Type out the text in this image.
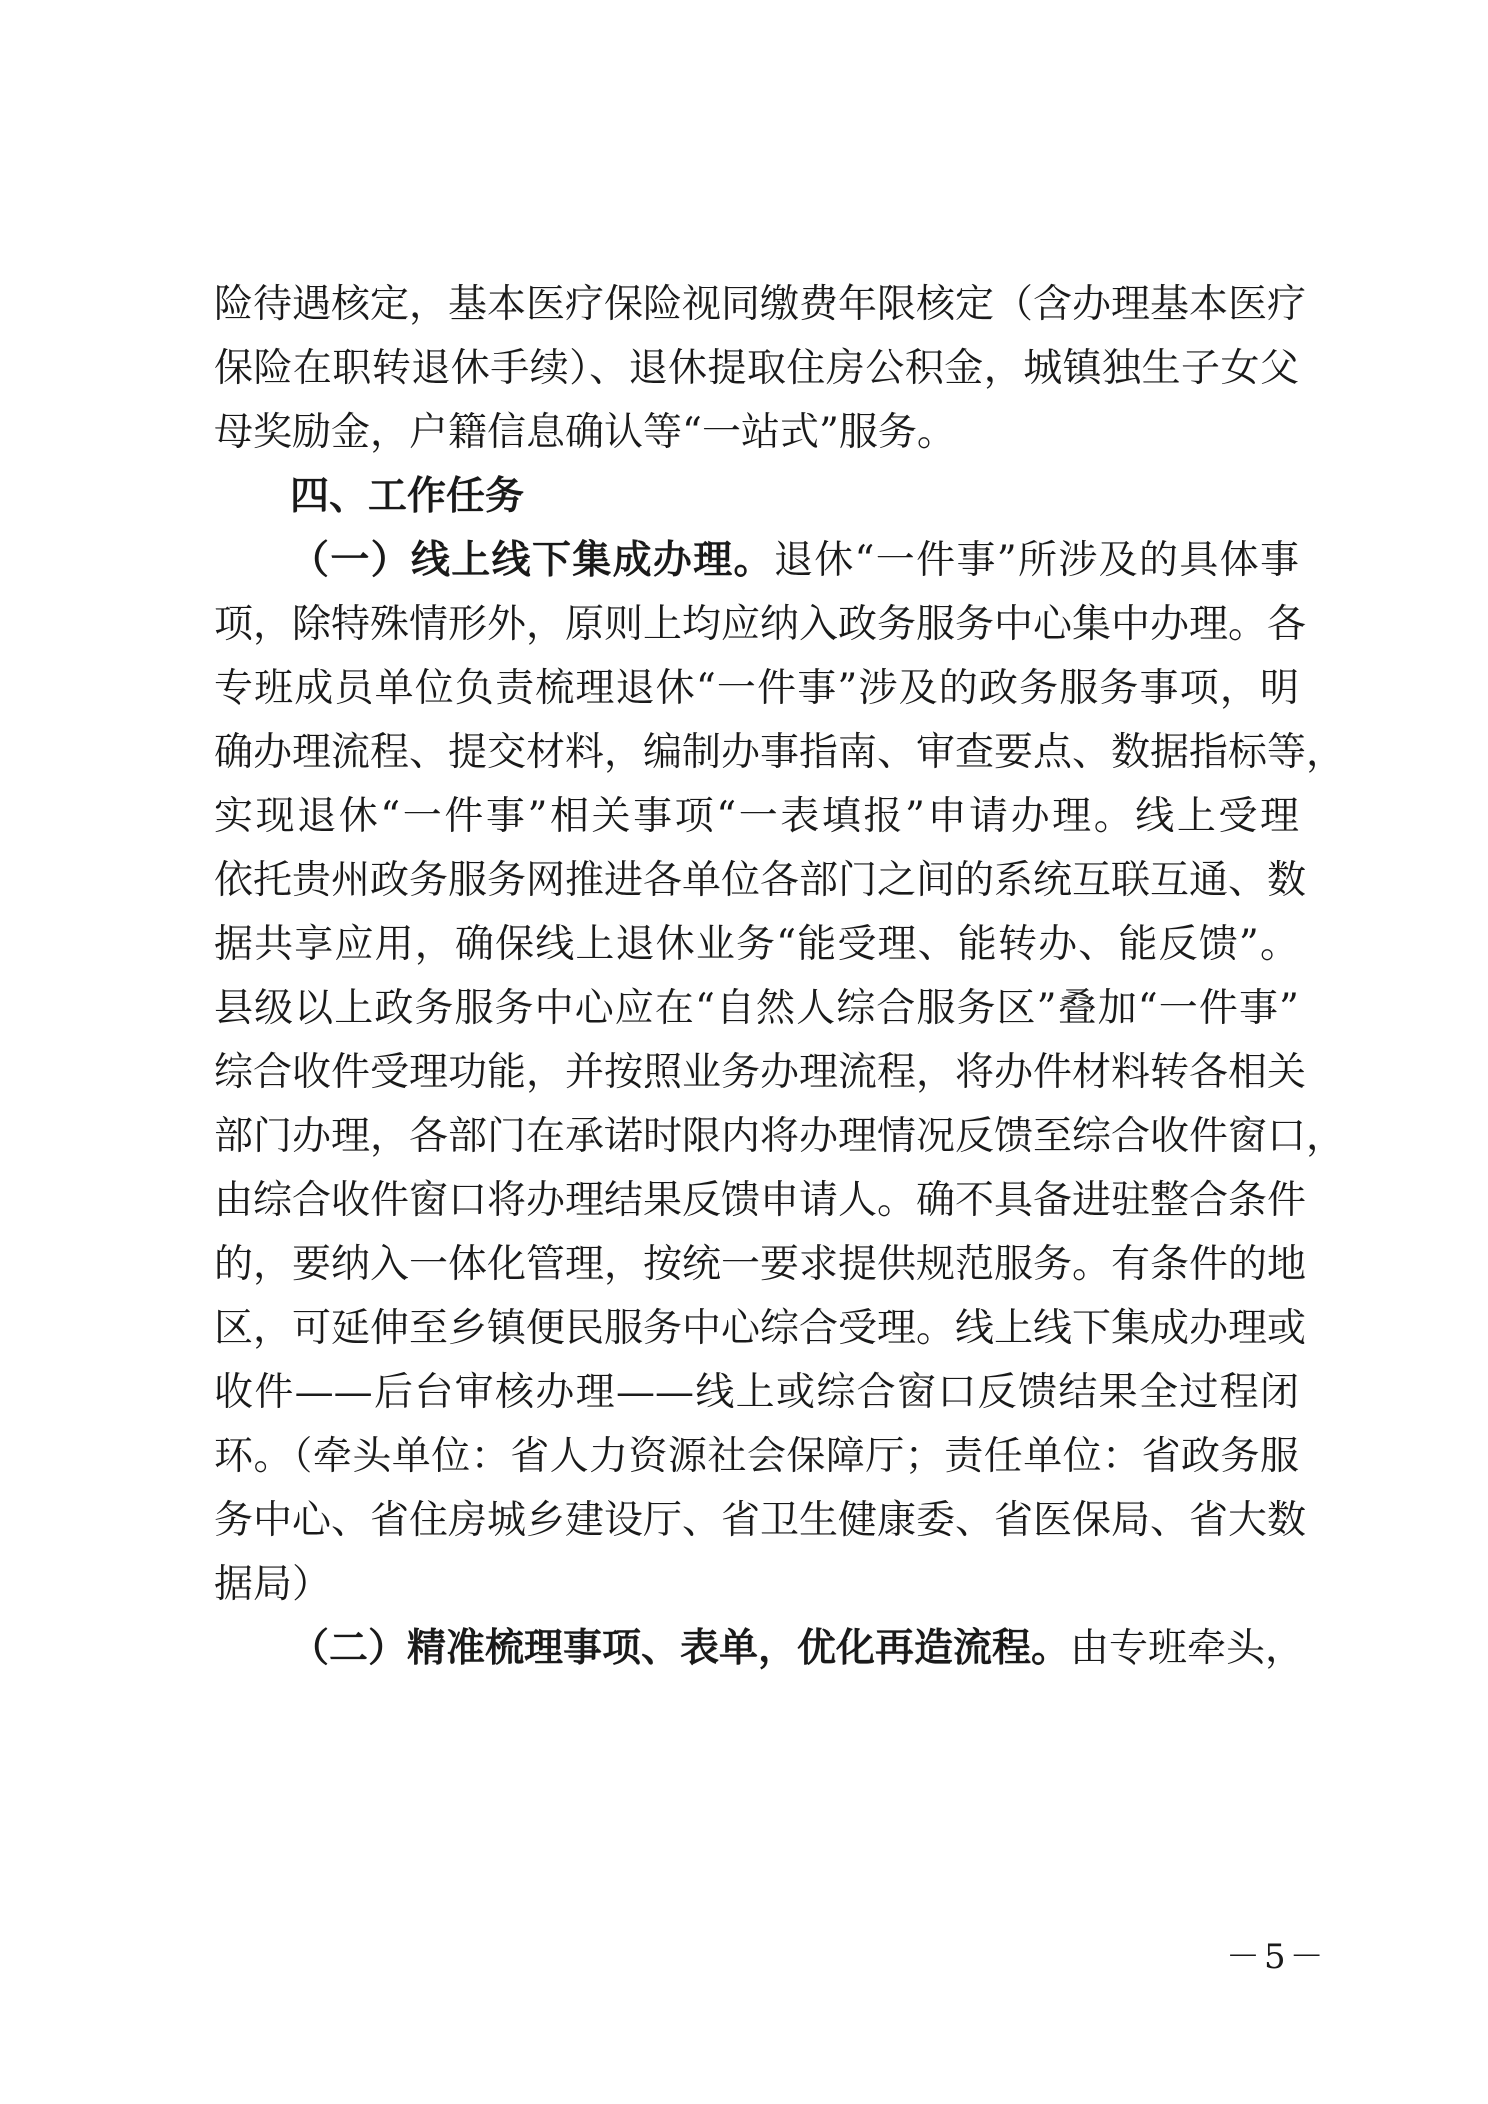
险待遇核定，基本医疗保险视同缴费年限核定（含办理基本医疗
保险在职转退休手续）、退休提取住房公积金，城镇独生子女父
母奖励金，户籍信息确认等“一站式”服务。
四、工作任务
（一）线上线下集成办理。退休“一件事”所涉及的具体事
项，除特殊情形外，原则上均应纳入政务服务中心集中办理。各
专班成员单位负责梳理退休“一件事”涉及的政务服务事项，明
确办理流程、提交材料，编制办事指南、审查要点、数据指标等，
实现退休“一件事”相关事项“一表填报”申请办理。线上受理
依托贵州政务服务网推进各单位各部门之间的系统互联互通、数
据共享应用，确保线上退休业务“能受理、能转办、能反馈”。
县级以上政务服务中心应在“自然人综合服务区”叠加“一件事”
综合收件受理功能，并按照业务办理流程，将办件材料转各相关
部门办理，各部门在承诺时限内将办理情况反馈至综合收件窗口，
由综合收件窗口将办理结果反馈申请人。确不具备进驻整合条件
的，要纳入一体化管理，按统一要求提供规范服务。有条件的地
区，可延伸至乡镇便民服务中心综合受理。线上线下集成办理或
收件——后台审核办理——线上或综合窗口反馈结果全过程闭
环。（牵头单位：省人力资源社会保障厅；责任单位：省政务服
务中心、省住房城乡建设厅、省卫生健康委、省医保局、省大数
据局）
（二）精准梳理事项、表单，优化再造流程。由专班牵头，
－5－
